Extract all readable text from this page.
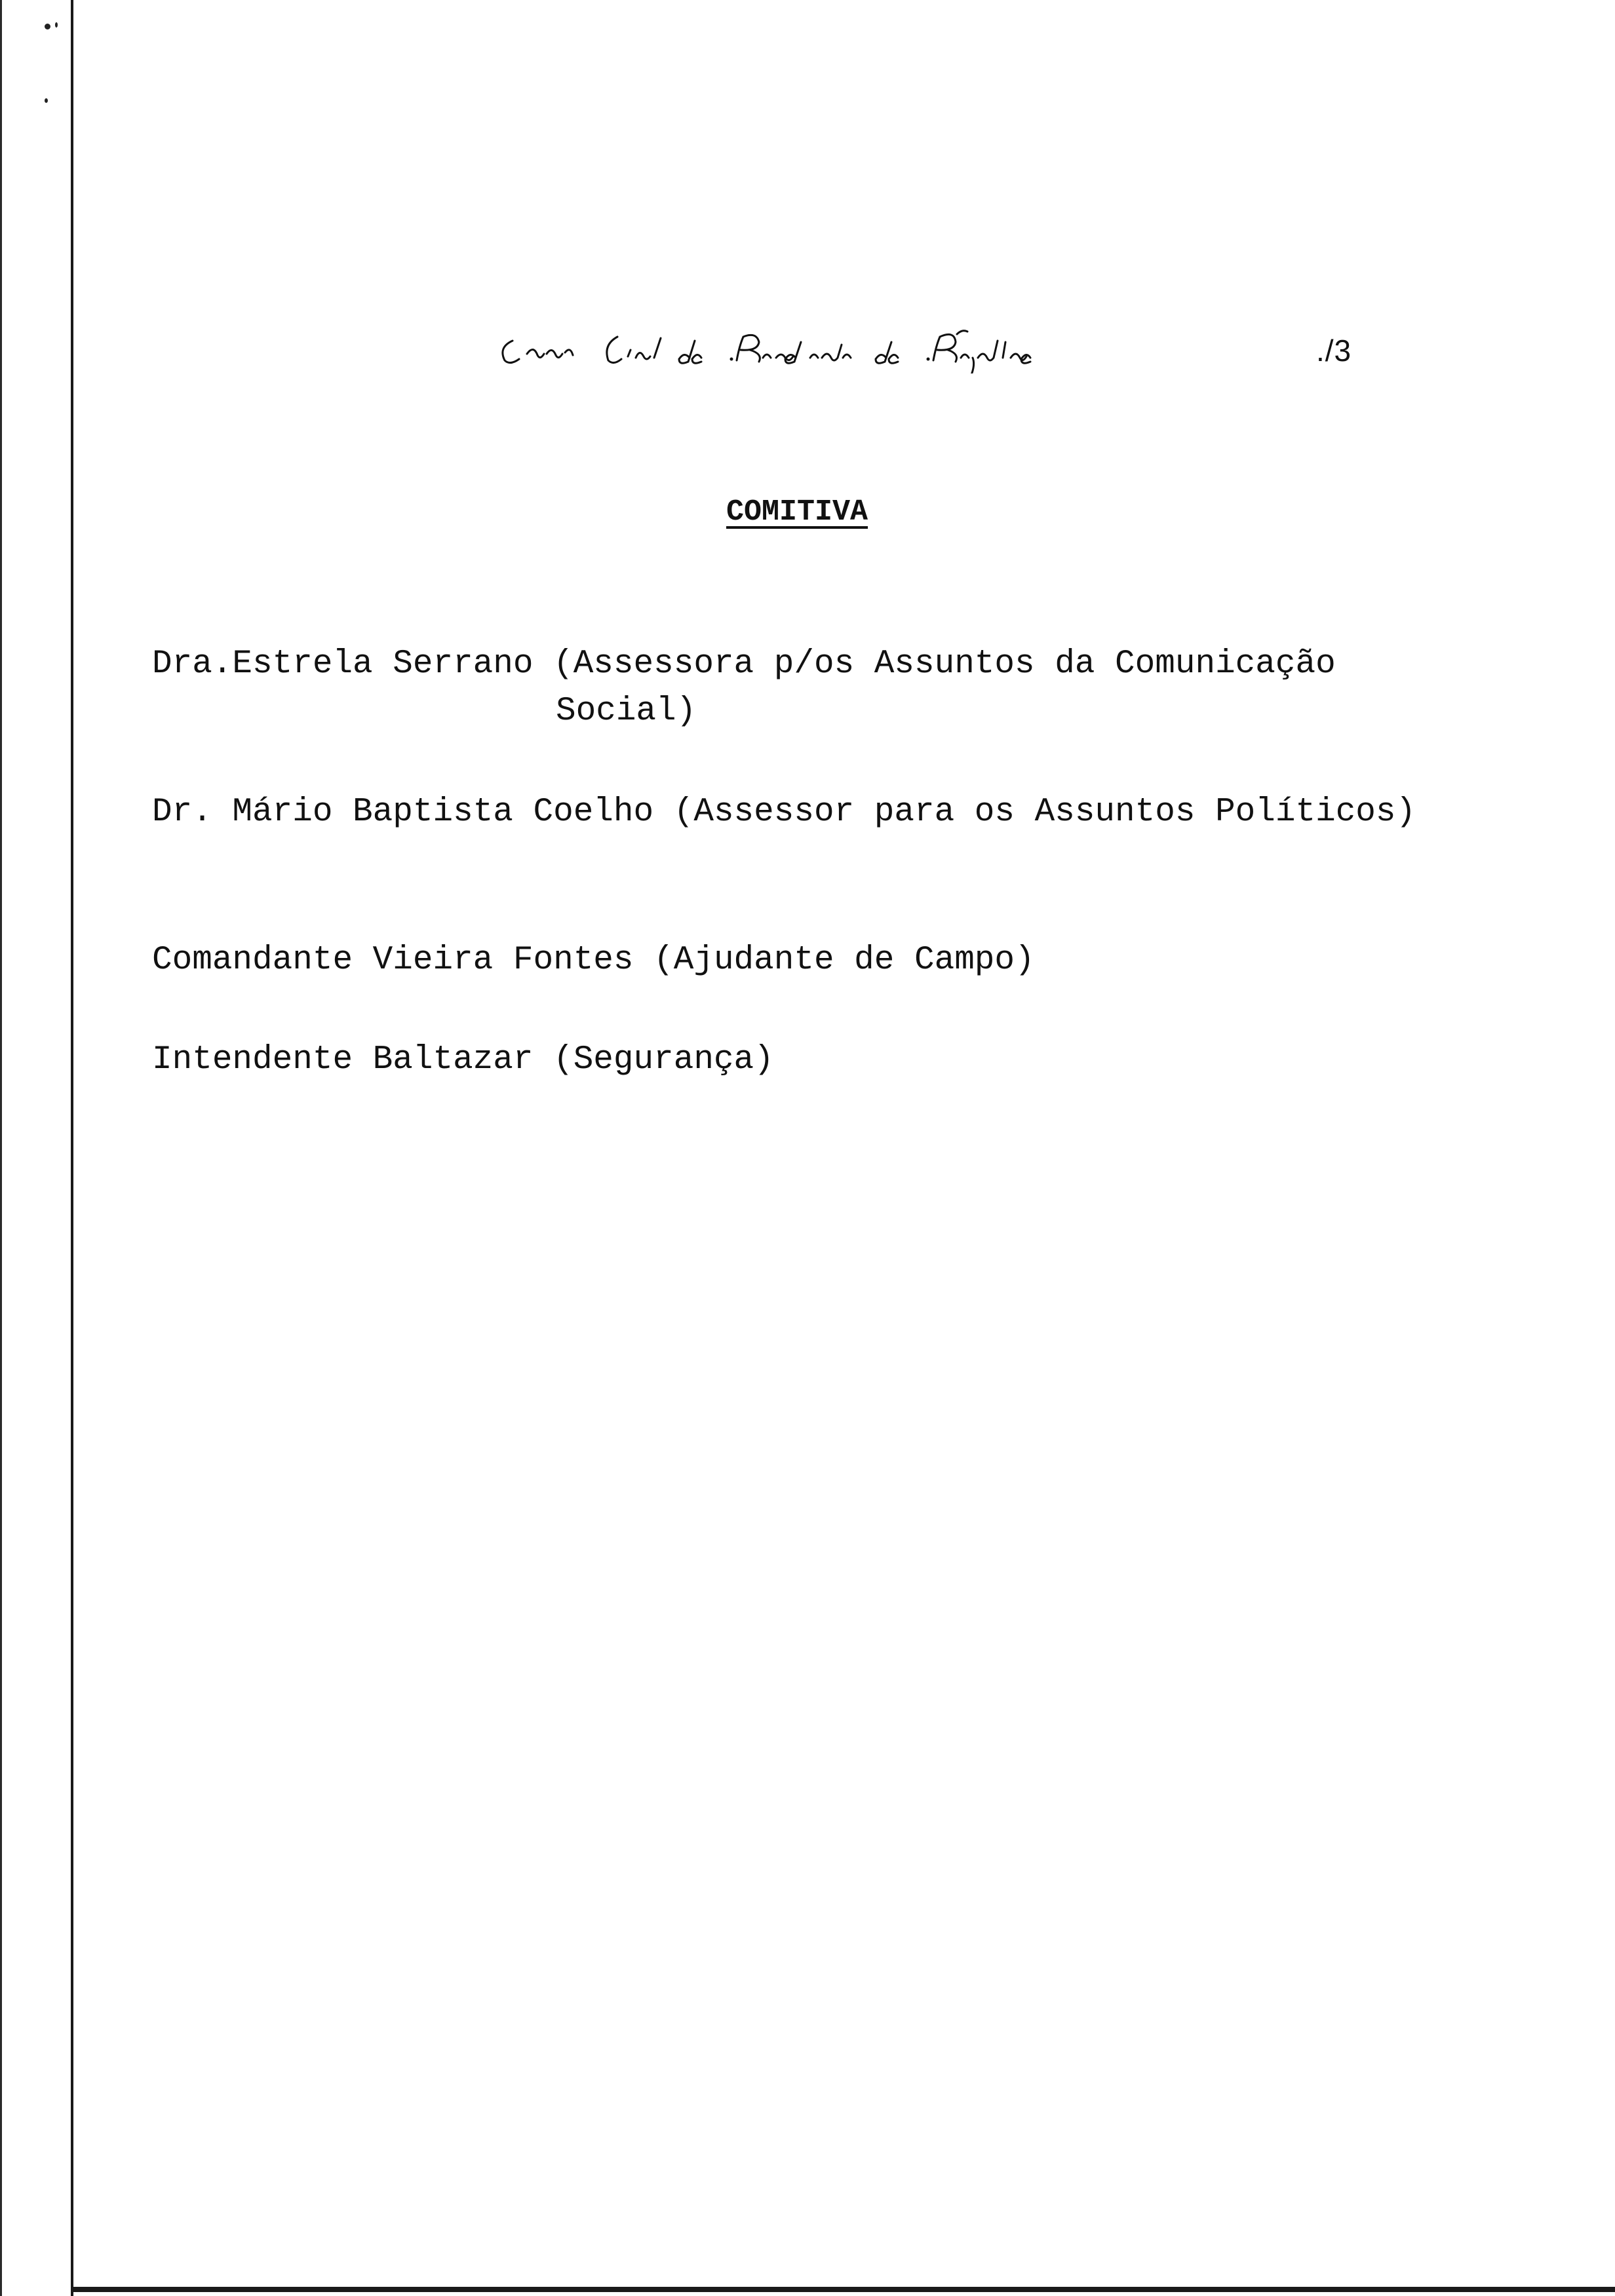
./3
COMITIVA
Dra.Estrela Serrano (Assessora p/os Assuntos da Comunicação
Social)
Dr. Mário Baptista Coelho (Assessor para os Assuntos Políticos)
Comandante Vieira Fontes (Ajudante de Campo)
Intendente Baltazar (Segurança)
